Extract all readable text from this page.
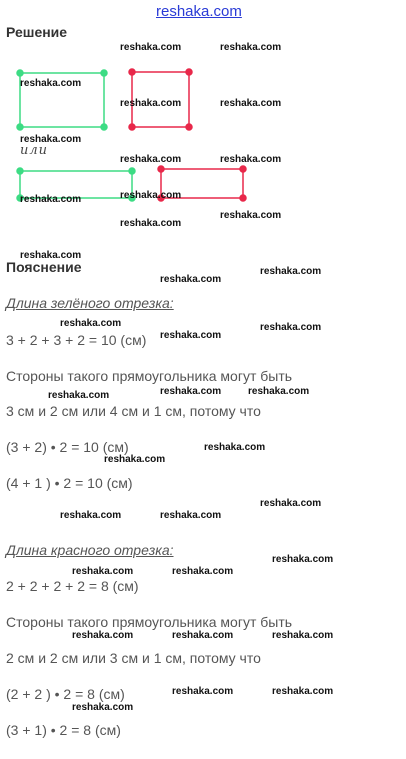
reshaka.com
Решение
или
Пояснение
Длина зелёного отрезка:
3 + 2 + 3 + 2 = 10 (см)
Стороны такого прямоугольника могут быть
3 см и 2 см или 4 см и 1 см, потому что
(3 + 2) • 2 = 10 (см)
(4 + 1 ) • 2 = 10 (см)
Длина красного отрезка:
2 + 2 + 2 + 2 = 8 (см)
Стороны такого прямоугольника могут быть
2 см и 2 см или 3 см и 1 см, потому что
(2 + 2 ) • 2 = 8 (см)
(3 + 1) • 2 = 8 (см)
reshaka.com	reshaka.com
reshaka.com
reshaka.com	reshaka.com
reshaka.com
reshaka.com	reshaka.com
reshaka.com	reshaka.com
reshaka.com
reshaka.com
reshaka.com
reshaka.com
reshaka.com
reshaka.com
reshaka.com
reshaka.com
reshaka.com
reshaka.com	reshaka.com
reshaka.com
reshaka.com
reshaka.com
reshaka.com	reshaka.com
reshaka.com
reshaka.com	reshaka.com
reshaka.com	reshaka.com	reshaka.com
reshaka.com	reshaka.com
reshaka.com
